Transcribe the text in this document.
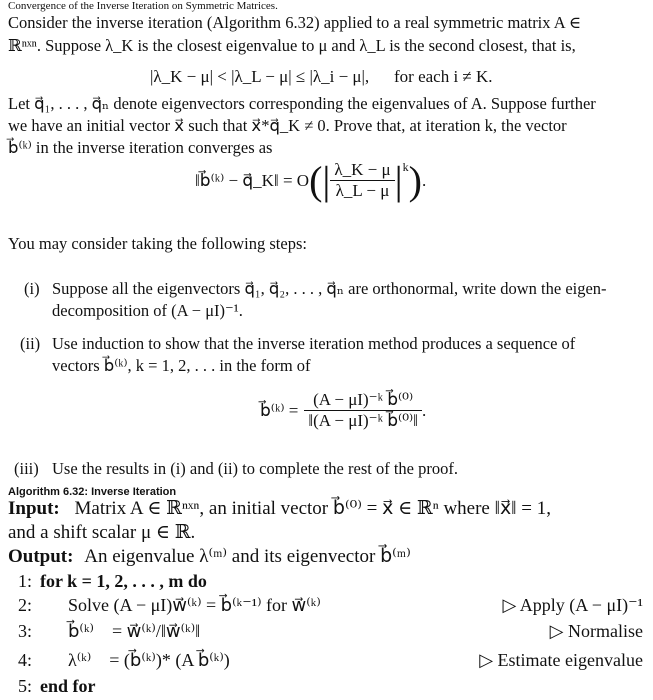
Convergence of the Inverse Iteration on Symmetric Matrices.
Consider the inverse iteration (Algorithm 6.32) applied to a real symmetric matrix A ∈
ℝⁿˣⁿ. Suppose λ_K is the closest eigenvalue to μ and λ_L is the second closest, that is,
|λ_K − μ| < |λ_L − μ| ≤ |λ_i − μ|, for each i ≠ K.
Let q⃗₁, . . . , q⃗ₙ denote eigenvectors corresponding the eigenvalues of A. Suppose further
we have an initial vector x⃗ such that x⃗*q⃗_K ≠ 0. Prove that, at iteration k, the vector
b⃗⁽ᵏ⁾ in the inverse iteration converges as
‖b⃗⁽ᵏ⁾ − q⃗_K‖ = O (| $\frac{\lambda\_K - \mu}{\lambda\_L - \mu} |^k$ ) .
You may consider taking the following steps:
(i) Suppose all the eigenvectors q⃗₁, q⃗₂, . . . , q⃗ₙ are orthonormal, write down the eigen-
decomposition of (A − μI)⁻¹.
(ii) Use induction to show that the inverse iteration method produces a sequence of
vectors b⃗⁽ᵏ⁾, k = 1, 2, . . . in the form of
b⃗⁽ᵏ⁾ = $\frac{\text{(A − μI)⁻ᵏ b⃗⁽⁰⁾}}{\text{‖(A − μI)⁻ᵏ b⃗⁽⁰⁾‖}}$ .
(iii) Use the results in (i) and (ii) to complete the rest of the proof.
Algorithm 6.32: Inverse Iteration
Input: Matrix A ∈ ℝⁿˣⁿ, an initial vector b⃗⁽⁰⁾ = x⃗ ∈ ℝⁿ where ‖x⃗‖ = 1,
and a shift scalar μ ∈ ℝ.
Output: An eigenvalue λ⁽ᵐ⁾ and its eigenvector b⃗⁽ᵐ⁾
1: for k = 1, 2, . . . , m do
2: Solve (A − μI)w⃗⁽ᵏ⁾ = b⃗⁽ᵏ⁻¹⁾ for w⃗⁽ᵏ⁾	▷ Apply (A − μI)⁻¹
3: b⃗⁽ᵏ⁾    = w⃗⁽ᵏ⁾/‖w⃗⁽ᵏ⁾‖	▷ Normalise
4: λ⁽ᵏ⁾    = (b⃗⁽ᵏ⁾)* (A b⃗⁽ᵏ⁾)	▷ Estimate eigenvalue
5: end for
